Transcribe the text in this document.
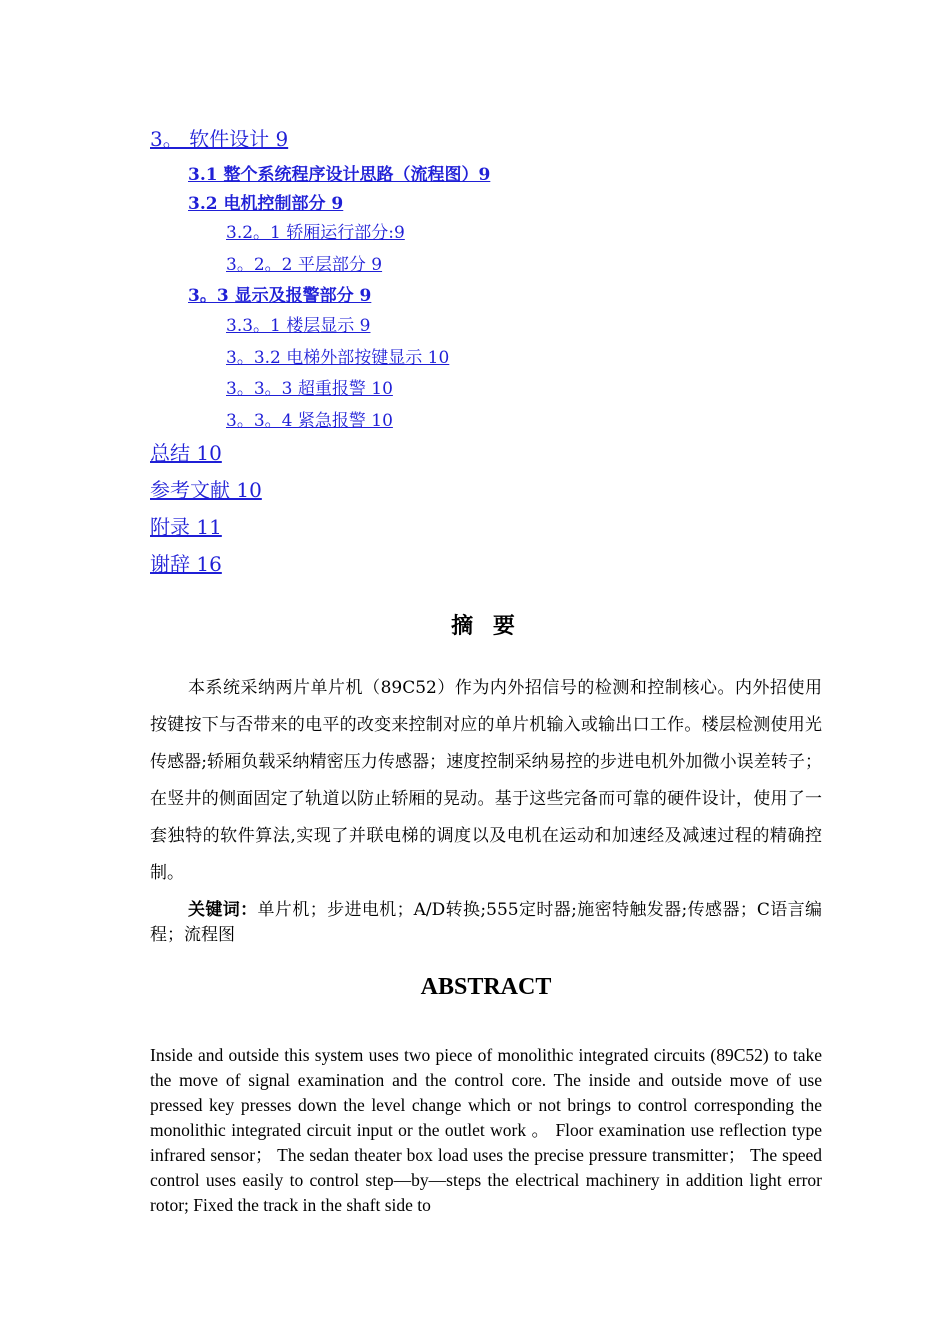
3。 软件设计 9
3.1 整个系统程序设计思路（流程图）9
3.2 电机控制部分 9
3.2。1 轿厢运行部分:9
3。2。2 平层部分 9
3。3 显示及报警部分 9
3.3。1 楼层显示 9
3。3.2 电梯外部按键显示 10
3。3。3 超重报警 10
3。3。4 紧急报警 10
总结 10
参考文献 10
附录 11
谢辞 16
摘 要

本系统采纳两片单片机（89C52）作为内外招信号的检测和控制核心。内外招使用按键按下与否带来的电平的改变来控制对应的单片机输入或输出口工作。楼层检测使用光传感器;轿厢负载采纳精密压力传感器；速度控制采纳易控的步进电机外加微小误差转子；在竖井的侧面固定了轨道以防止轿厢的晃动。基于这些完备而可靠的硬件设计，使用了一套独特的软件算法,实现了并联电梯的调度以及电机在运动和加速经及减速过程的精确控制。

关键词：单片机；步进电机；A/D转换;555定时器;施密特触发器;传感器；C语言编程；流程图

ABSTRACT

Inside and outside this system uses two piece of monolithic integrated circuits (89C52) to take the move of signal examination and the control core. The inside and outside move of use pressed key presses down the level change which or not brings to control corresponding the monolithic integrated circuit input or the outlet work 。 Floor examination use reflection type infrared sensor； The sedan theater box load uses the precise pressure transmitter； The speed control uses easily to control step—by—steps the electrical machinery in addition light error rotor; Fixed the track in the shaft side to
